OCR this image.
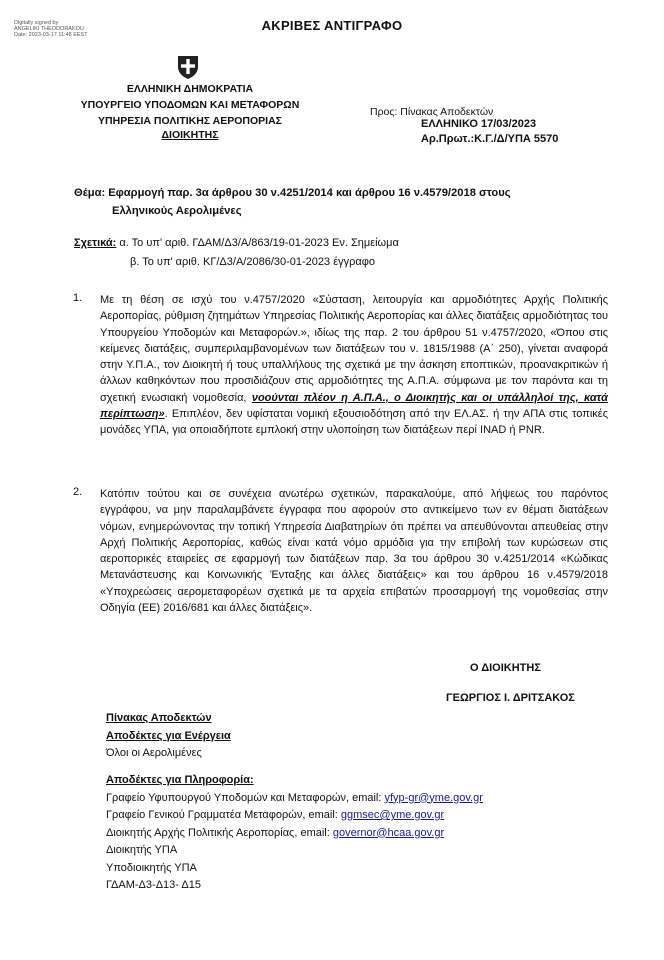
Digitally signed by
ANGELIKI THEODORAKOU
Date: 2023-03-17 11:48 EEST
ΑΚΡΙΒΕΣ ΑΝΤΙΓΡΑΦΟ
ΕΛΛΗΝΙΚΗ ΔΗΜΟΚΡΑΤΙΑ
ΥΠΟΥΡΓΕΙΟ ΥΠΟΔΟΜΩΝ ΚΑΙ ΜΕΤΑΦΟΡΩΝ
ΥΠΗΡΕΣΙΑ ΠΟΛΙΤΙΚΗΣ ΑΕΡΟΠΟΡΙΑΣ
ΔΙΟΙΚΗΤΗΣ
Προς: Πίνακας Αποδεκτών
ΕΛΛΗΝΙΚΟ 17/03/2023
Αρ.Πρωτ.:Κ.Γ./Δ/ΥΠΑ 5570
Θέμα: Εφαρμογή παρ. 3α άρθρου 30 ν.4251/2014 και άρθρου 16 ν.4579/2018 στους
Ελληνικούς Αερολιμένες
Σχετικά: α. Το υπ' αριθ. ΓΔΑΜ/Δ3/Α/863/19-01-2023 Εν. Σημείωμα
β. Το υπ' αριθ. ΚΓ/Δ3/Α/2086/30-01-2023 έγγραφο
1. Με τη θέση σε ισχύ του ν.4757/2020 «Σύσταση, λειτουργία και αρμοδιότητες Αρχής Πολιτικής Αεροπορίας, ρύθμιση ζητημάτων Υπηρεσίας Πολιτικής Αεροπορίας και άλλες διατάξεις αρμοδιότητας του Υπουργείου Υποδομών και Μεταφορών.», ιδίως της παρ. 2 του άρθρου 51 ν.4757/2020, «Όπου στις κείμενες διατάξεις, συμπεριλαμβανομένων των διατάξεων του ν. 1815/1988 (Α΄ 250), γίνεται αναφορά στην Υ.Π.Α., τον Διοικητή ή τους υπαλλήλους της σχετικά με την άσκηση εποπτικών, προανακριτικών ή άλλων καθηκόντων που προσιδιάζουν στις αρμοδιότητες της Α.Π.Α. σύμφωνα με τον παρόντα και τη σχετική ενωσιακή νομοθεσία, νοούνται πλέον η Α.Π.Α., ο Διοικητής και οι υπάλληλοί της, κατά περίπτωση». Επιπλέον, δεν υφίσταται νομική εξουσιοδότηση από την ΕΛ.ΑΣ. ή την ΑΠΑ στις τοπικές μονάδες ΥΠΑ, για οποιαδήποτε εμπλοκή στην υλοποίηση των διατάξεων περί INAD ή PNR.
2. Κατόπιν τούτου και σε συνέχεια ανωτέρω σχετικών, παρακαλούμε, από λήψεως του παρόντος εγγράφου, να μην παραλαμβάνετε έγγραφα που αφορούν στο αντικείμενο των εν θέματι διατάξεων νόμων, ενημερώνοντας την τοπική Υπηρεσία Διαβατηρίων ότι πρέπει να απευθύνονται απευθείας στην Αρχή Πολιτικής Αεροπορίας, καθώς είναι κατά νόμο αρμόδια για την επιβολή των κυρώσεων στις αεροπορικές εταιρείες σε εφαρμογή των διατάξεων παρ. 3α του άρθρου 30 ν.4251/2014 «Κώδικας Μετανάστευσης και Κοινωνικής Ένταξης και άλλες διατάξεις» και του άρθρου 16 ν.4579/2018 «Υποχρεώσεις αερομεταφορέων σχετικά με τα αρχεία επιβατών προσαρμογή της νομοθεσίας στην Οδηγία (ΕΕ) 2016/681 και άλλες διατάξεις».
Ο ΔΙΟΙΚΗΤΗΣ
ΓΕΩΡΓΙΟΣ Ι. ΔΡΙΤΣΑΚΟΣ
Πίνακας Αποδεκτών
Αποδέκτες για Ενέργεια
Όλοι οι Αερολιμένες
Αποδέκτες για Πληροφορία:
Γραφείο Υφυπουργού Υποδομών και Μεταφορών, email: yfyp-gr@yme.gov.gr
Γραφείο Γενικού Γραμματέα Μεταφορών, email: ggmsec@yme.gov.gr
Διοικητής Αρχής Πολιτικής Αεροπορίας, email: governor@hcaa.gov.gr
Διοικητής ΥΠΑ
Υποδιοικητής ΥΠΑ
ΓΔΑΜ-Δ3-Δ13- Δ15
